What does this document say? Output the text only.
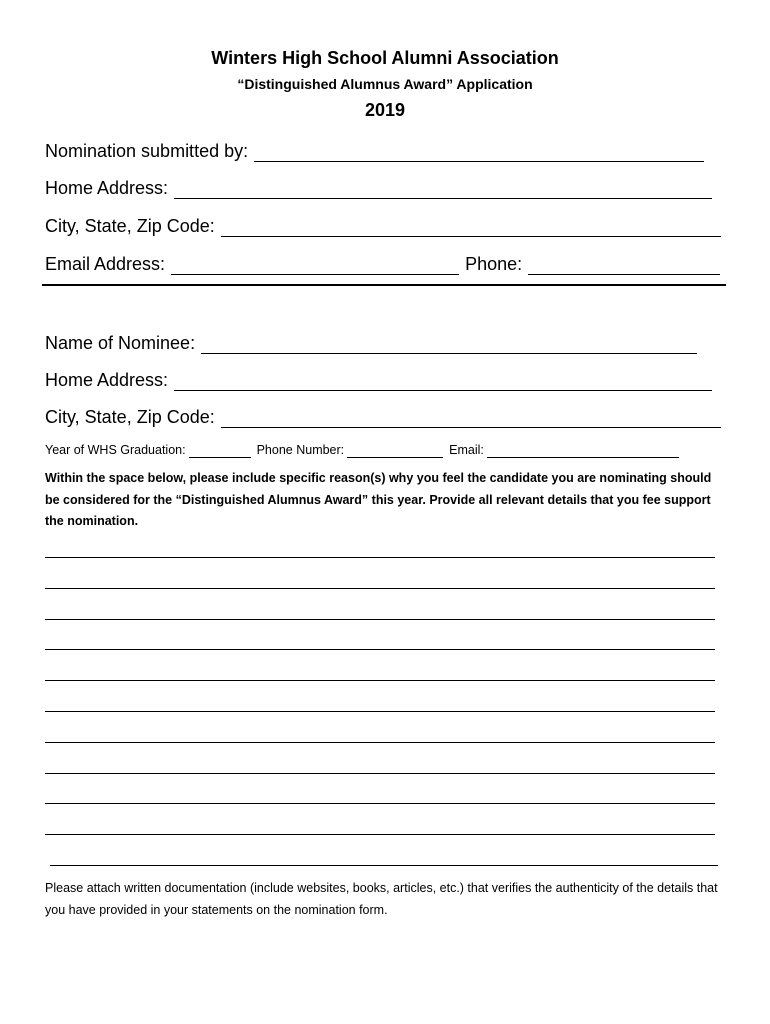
Winters High School Alumni Association
“Distinguished Alumnus Award” Application
2019
Nomination submitted by:
Home Address:
City, State, Zip Code:
Email Address:	Phone:
Name of Nominee:
Home Address:
City, State, Zip Code:
Year of WHS Graduation:	Phone Number:	Email:
Within the space below, please include specific reason(s) why you feel the candidate you are nominating should be considered for the “Distinguished Alumnus Award” this year. Provide all relevant details that you fee support the nomination.
Please attach written documentation (include websites, books, articles, etc.) that verifies the authenticity of the details that you have provided in your statements on the nomination form.
